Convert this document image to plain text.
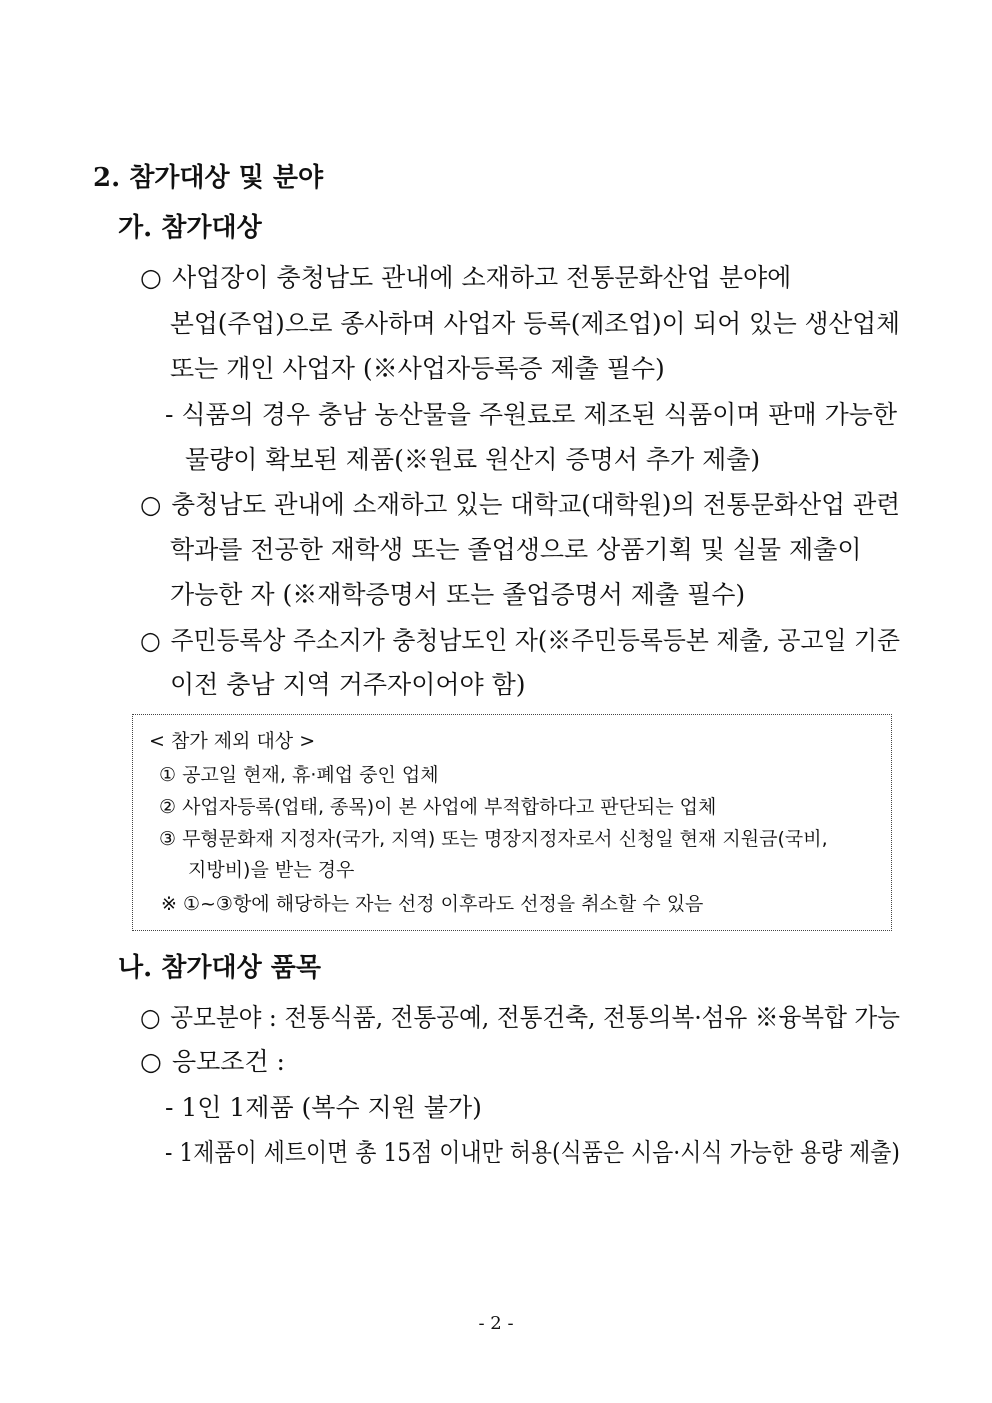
2. 참가대상 및 분야
가. 참가대상
○ 사업장이 충청남도 관내에 소재하고 전통문화산업 분야에
본업(주업)으로 종사하며 사업자 등록(제조업)이 되어 있는 생산업체
또는 개인 사업자 (※사업자등록증 제출 필수)
- 식품의 경우 충남 농산물을 주원료로 제조된 식품이며 판매 가능한
물량이 확보된 제품(※원료 원산지 증명서 추가 제출)
○ 충청남도 관내에 소재하고 있는 대학교(대학원)의 전통문화산업 관련
학과를 전공한 재학생 또는 졸업생으로 상품기획 및 실물 제출이
가능한 자 (※재학증명서 또는 졸업증명서 제출 필수)
○ 주민등록상 주소지가 충청남도인 자(※주민등록등본 제출, 공고일 기준
이전 충남 지역 거주자이어야 함)
< 참가 제외 대상 >
① 공고일 현재, 휴·폐업 중인 업체
② 사업자등록(업태, 종목)이 본 사업에 부적합하다고 판단되는 업체
③ 무형문화재 지정자(국가, 지역) 또는 명장지정자로서 신청일 현재 지원금(국비,
지방비)을 받는 경우
※ ①~③항에 해당하는 자는 선정 이후라도 선정을 취소할 수 있음
나. 참가대상 품목
○ 공모분야 : 전통식품, 전통공예, 전통건축, 전통의복·섬유 ※융복합 가능
○ 응모조건 :
- 1인 1제품 (복수 지원 불가)
- 1제품이 세트이면 총 15점 이내만 허용(식품은 시음·시식 가능한 용량 제출)
- 2 -
